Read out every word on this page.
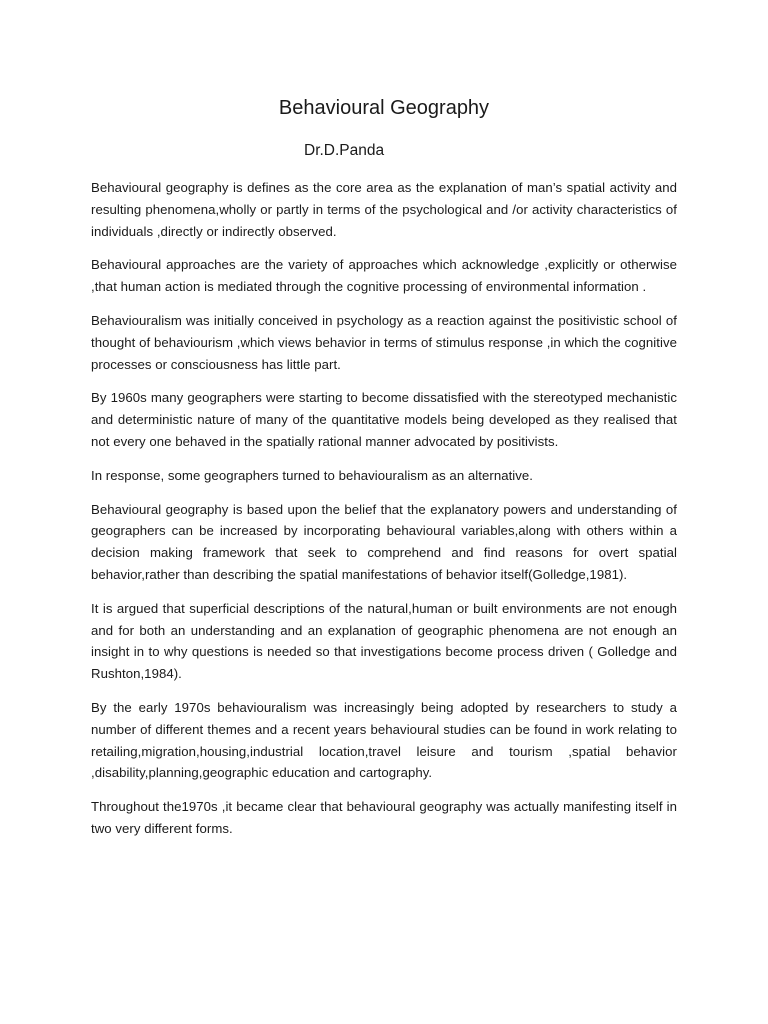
Behavioural Geography

Dr.D.Panda

Behavioural geography is defines as the core area as the explanation of man’s spatial activity and resulting phenomena,wholly or partly in terms of the psychological and /or activity characteristics of individuals ,directly or indirectly observed.

Behavioural approaches are the variety of approaches which acknowledge ,explicitly or otherwise ,that human action is mediated through the cognitive processing of environmental information .

Behaviouralism was initially conceived in psychology as a reaction against the positivistic school of thought of behaviourism ,which views behavior in terms of stimulus response ,in which the cognitive processes or consciousness has little part.

By 1960s many geographers were starting to become dissatisfied with the stereotyped mechanistic and deterministic nature of many of the quantitative models being developed as they realised that not every one behaved in the spatially rational manner advocated by positivists.

In response, some geographers turned to behaviouralism as an alternative.

Behavioural geography is based upon the belief that the explanatory powers and understanding of geographers can be increased by incorporating behavioural variables,along with others within a decision making framework that seek to comprehend and find reasons for overt spatial behavior,rather than describing the spatial manifestations of behavior itself(Golledge,1981).

It is argued that superficial descriptions of the natural,human or built environments are not enough and for both an understanding and an explanation of geographic phenomena are not enough an insight in to why questions is needed so that investigations become process driven ( Golledge and Rushton,1984).

By the early 1970s behaviouralism was increasingly being adopted by researchers to study a number of different themes and a recent years behavioural studies can be found in work relating to retailing,migration,housing,industrial location,travel leisure and tourism ,spatial behavior ,disability,planning,geographic education and cartography.

Throughout the1970s ,it became clear that behavioural geography was actually manifesting itself in two very different forms.
